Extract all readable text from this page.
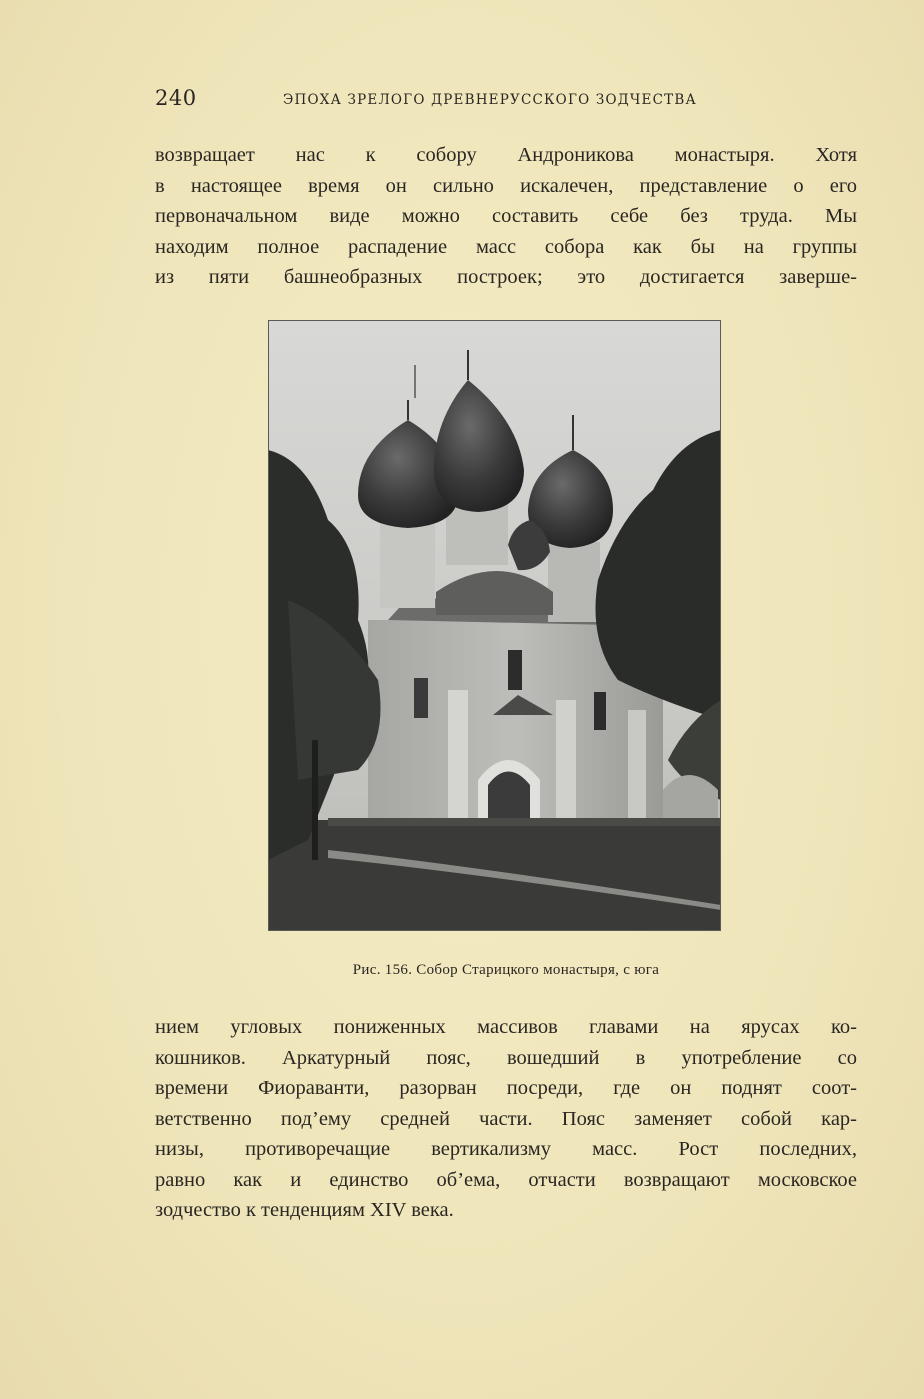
240	ЭПОХА ЗРЕЛОГО ДРЕВНЕРУССКОГО ЗОДЧЕСТВА

возвращает нас к собору Андроникова монастыря. Хотя
в настоящее время он сильно искалечен, представление о его
первоначальном виде можно составить себе без труда. Мы
находим полное распадение масс собора как бы на группы
из пяти башнеобразных построек; это достигается заверше-

Рис. 156. Собор Старицкого монастыря, с юга

нием угловых пониженных массивов главами на ярусах ко-
кошников. Аркатурный пояс, вошедший в употребление со
времени Фиораванти, разорван посреди, где он поднят соот-
ветственно под’ему средней части. Пояс заменяет собой кар-
низы, противоречащие вертикализму масс. Рост последних,
равно как и единство об’ема, отчасти возвращают московское
зодчество к тенденциям XIV века.
